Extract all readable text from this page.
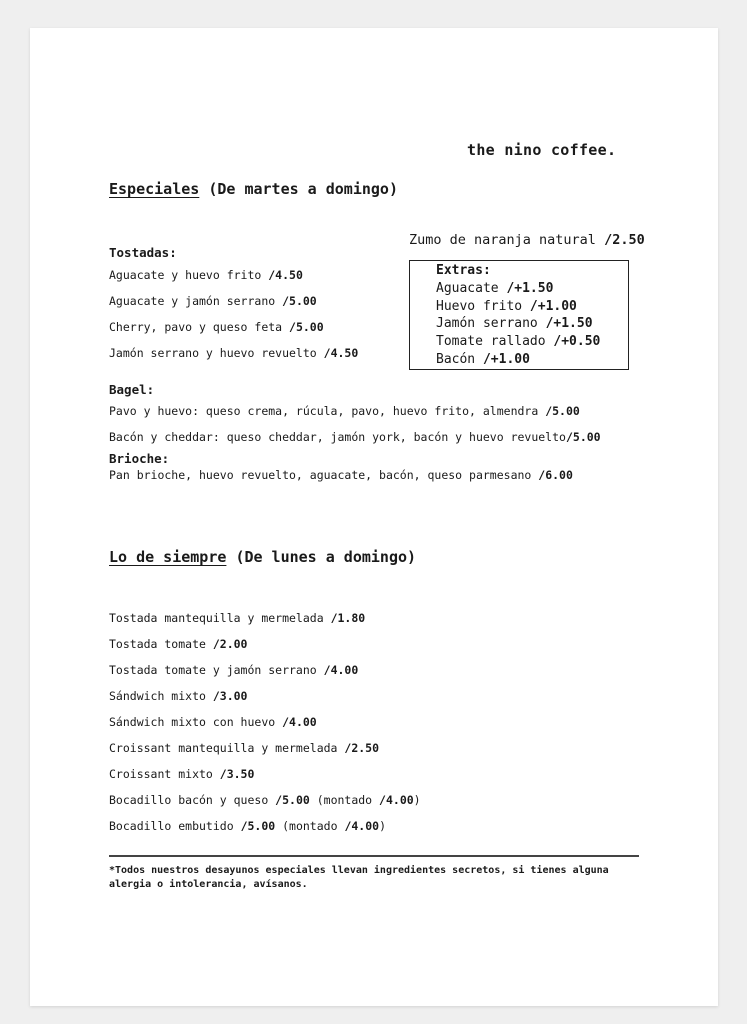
the nino coffee.
Especiales (De martes a domingo)
Tostadas:
Aguacate y huevo frito /4.50
Aguacate y jamón serrano /5.00
Cherry, pavo y queso feta /5.00
Jamón serrano y huevo revuelto /4.50
Zumo de naranja natural /2.50
Extras:
Aguacate /+1.50
Huevo frito /+1.00
Jamón serrano /+1.50
Tomate rallado /+0.50
Bacón /+1.00
Bagel:
Pavo y huevo: queso crema, rúcula, pavo, huevo frito, almendra /5.00
Bacón y cheddar: queso cheddar, jamón york, bacón y huevo revuelto/5.00
Brioche:
Pan brioche, huevo revuelto, aguacate, bacón, queso parmesano /6.00
Lo de siempre (De lunes a domingo)
Tostada mantequilla y mermelada /1.80
Tostada tomate /2.00
Tostada tomate y jamón serrano /4.00
Sándwich mixto /3.00
Sándwich mixto con huevo /4.00
Croissant mantequilla y mermelada /2.50
Croissant mixto /3.50
Bocadillo bacón y queso /5.00 (montado /4.00)
Bocadillo embutido /5.00 (montado /4.00)
*Todos nuestros desayunos especiales llevan ingredientes secretos, si tienes alguna alergia o intolerancia, avísanos.
